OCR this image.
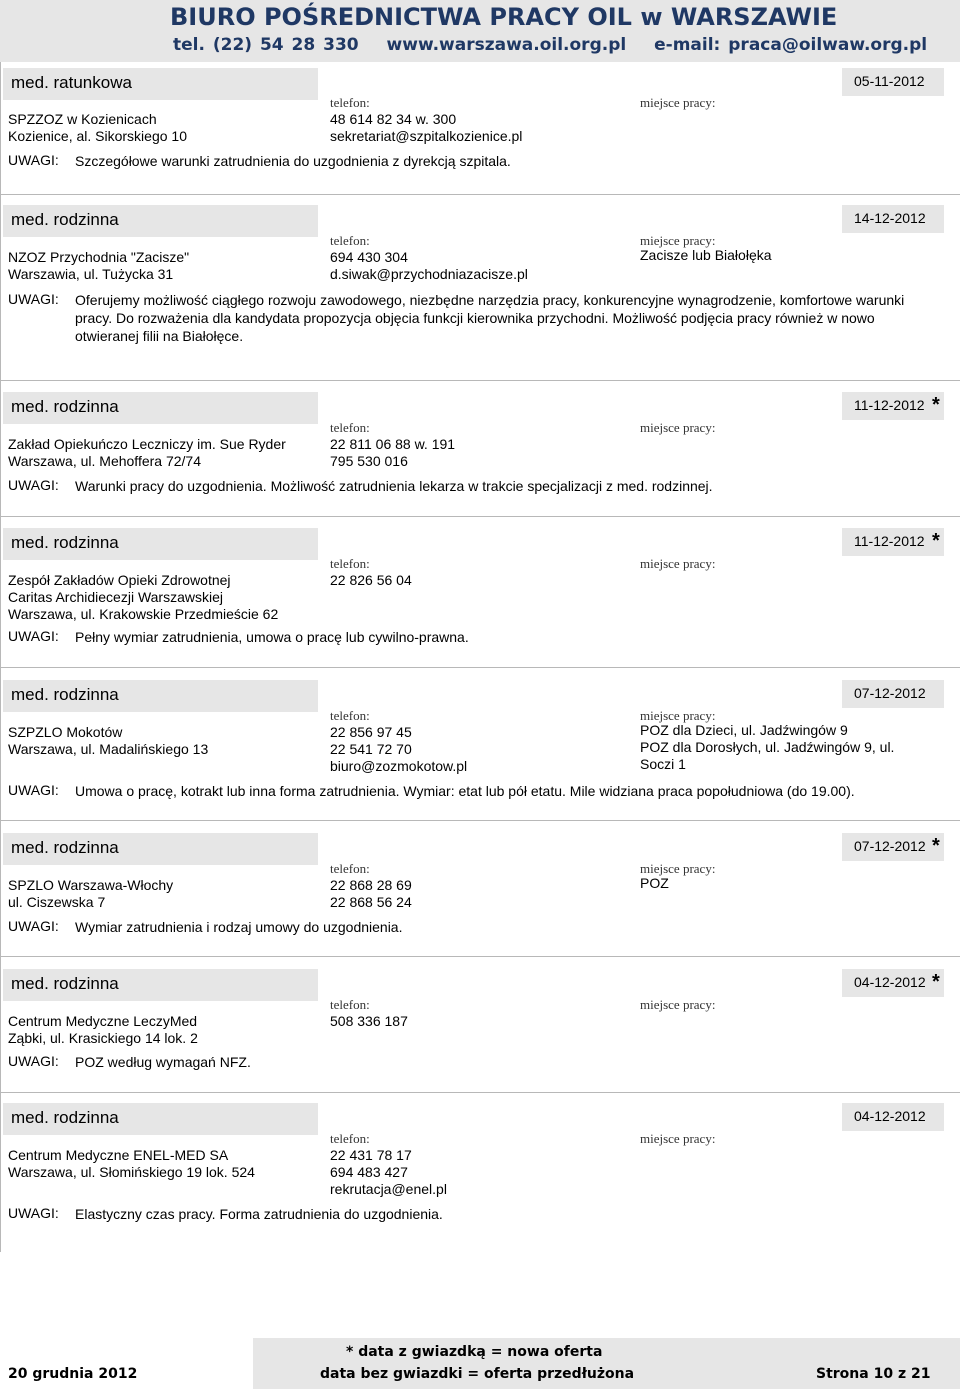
BIURO POŚREDNICTWA PRACY OIL w WARSZAWIE
tel. (22) 54 28 330 www.warszawa.oil.org.pl e-mail: praca@oilwaw.org.pl
med. ratunkowa	05-11-2012
telefon:	miejsce pracy:
SPZZOZ w Kozienicach
Kozienice, al. Sikorskiego 10
48 614 82 34 w. 300
sekretariat@szpitalkozienice.pl
UWAGI: Szczegółowe warunki zatrudnienia do uzgodnienia z dyrekcją szpitala.
med. rodzinna	14-12-2012
telefon:	miejsce pracy:
NZOZ Przychodnia "Zacisze"
Warszawia, ul. Tużycka 31
694 430 304
d.siwak@przychodniazacisze.pl
Zacisze lub Białołęka
UWAGI: Oferujemy możliwość ciągłego rozwoju zawodowego, niezbędne narzędzia pracy, konkurencyjne wynagrodzenie, komfortowe warunki pracy. Do rozważenia dla kandydata propozycja objęcia funkcji kierownika przychodni. Możliwość podjęcia pracy również w nowo otwieranej filii na Białołęce.
med. rodzinna	11-12-2012 *
telefon:	miejsce pracy:
Zakład Opiekuńczo Leczniczy im. Sue Ryder
Warszawa, ul. Mehoffera 72/74
22 811 06 88 w. 191
795 530 016
UWAGI: Warunki pracy do uzgodnienia. Możliwość zatrudnienia lekarza w trakcie specjalizacji z med. rodzinnej.
med. rodzinna	11-12-2012 *
telefon:	miejsce pracy:
Zespół Zakładów Opieki Zdrowotnej
Caritas Archidiecezji Warszawskiej
Warszawa, ul. Krakowskie Przedmieście 62
22 826 56 04
UWAGI: Pełny wymiar zatrudnienia, umowa o pracę lub cywilno-prawna.
med. rodzinna	07-12-2012
telefon:	miejsce pracy:
SZPZLO Mokotów
Warszawa, ul. Madalińskiego 13
22 856 97 45
22 541 72 70
biuro@zozmokotow.pl
POZ dla Dzieci, ul. Jadźwingów 9
POZ dla Dorosłych, ul. Jadźwingów 9, ul.
Soczi 1
UWAGI: Umowa o pracę, kotrakt lub inna forma zatrudnienia. Wymiar: etat lub pół etatu. Mile widziana praca popołudniowa (do 19.00).
med. rodzinna	07-12-2012 *
telefon:	miejsce pracy:
SPZLO Warszawa-Włochy
ul. Ciszewska 7
22 868 28 69
22 868 56 24
POZ
UWAGI: Wymiar zatrudnienia i rodzaj umowy do uzgodnienia.
med. rodzinna	04-12-2012 *
telefon:	miejsce pracy:
Centrum Medyczne LeczyMed
Ząbki, ul. Krasickiego 14 lok. 2
508 336 187
UWAGI: POZ według wymagań NFZ.
med. rodzinna	04-12-2012
telefon:	miejsce pracy:
Centrum Medyczne ENEL-MED SA
Warszawa, ul. Słomińskiego 19 lok. 524
22 431 78 17
694 483 427
rekrutacja@enel.pl
UWAGI: Elastyczny czas pracy. Forma zatrudnienia do uzgodnienia.
20 grudnia 2012
* data z gwiazdką = nowa oferta
data bez gwiazdki = oferta przedłużona	Strona 10 z 21
